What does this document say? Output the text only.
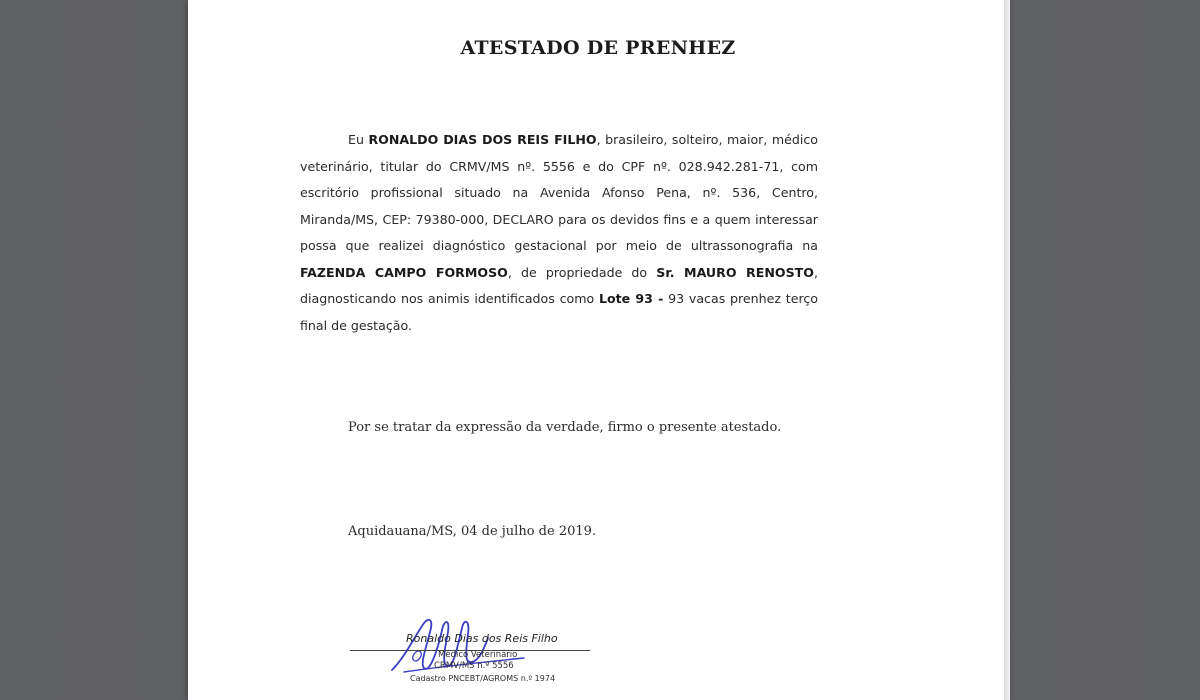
ATESTADO DE PRENHEZ

Eu RONALDO DIAS DOS REIS FILHO, brasileiro, solteiro, maior, médico veterinário, titular do CRMV/MS nº. 5556 e do CPF nº. 028.942.281-71, com escritório profissional situado na Avenida Afonso Pena, nº. 536, Centro, Miranda/MS, CEP: 79380-000, DECLARO para os devidos fins e a quem interessar possa que realizei diagnóstico gestacional por meio de ultrassonografia na FAZENDA CAMPO FORMOSO, de propriedade do Sr. MAURO RENOSTO, diagnosticando nos animis identificados como Lote 93 - 93 vacas prenhez terço final de gestação.

Por se tratar da expressão da verdade, firmo o presente atestado.
Aquidauana/MS, 04 de julho de 2019.
Ronaldo Dias dos Reis Filho
Médico Veterinário
CRMV/MS n.º 5556
Cadastro PNCEBT/AGROMS n.º 1974
